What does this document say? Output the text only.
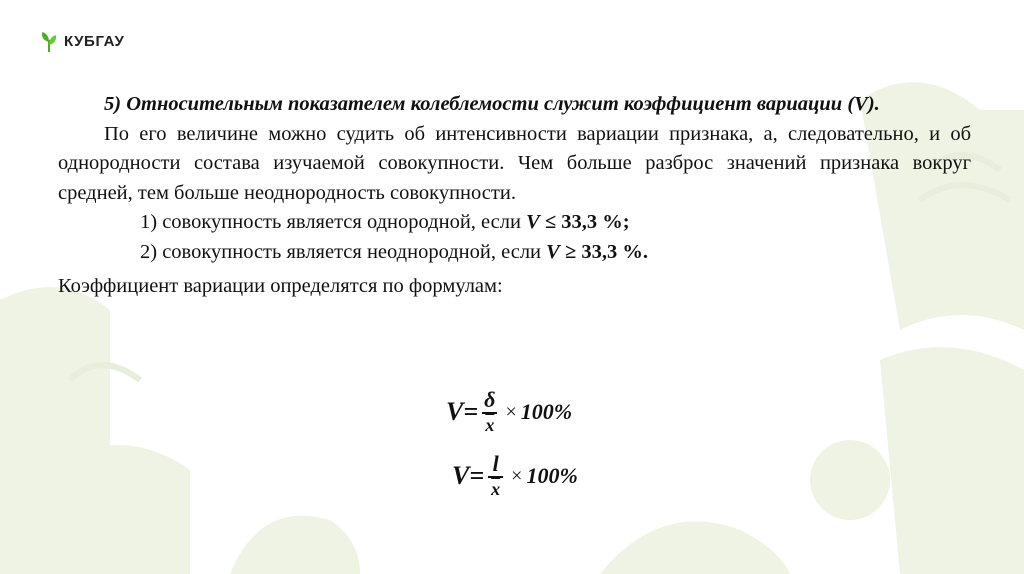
КУБГАУ

5) Относительным показателем колеблемости служит коэффициент вариации (V).

По его величине можно судить об интенсивности вариации признака, а, следовательно, и об однородности состава изучаемой совокупности. Чем больше разброс значений признака вокруг средней, тем больше неоднородность совокупности.

1) совокупность является однородной, если V ≤ 33,3 %;

2) совокупность является неоднородной, если V ≥ 33,3 %.

Коэффициент вариации определятся по формулам:

$V= \frac{\delta}{x} \times 100\%$
$V= \frac{l}{x} \times 100\%$
